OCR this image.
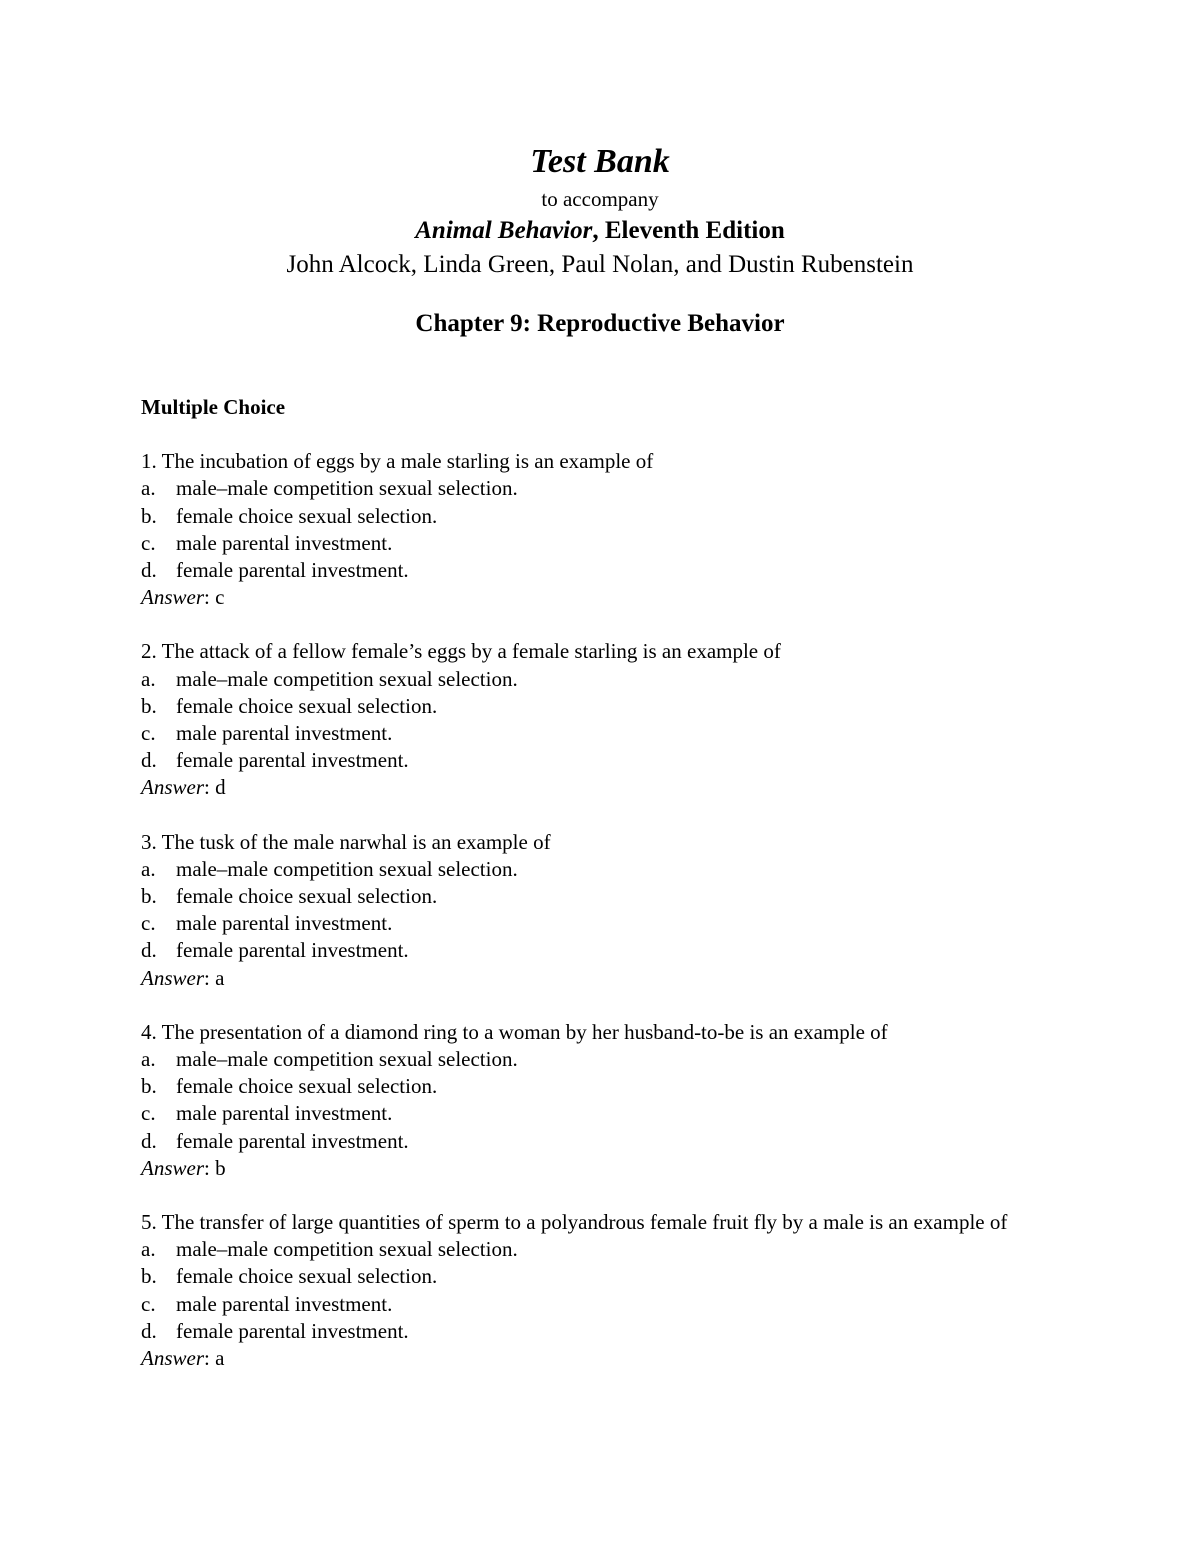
Test Bank
to accompany
Animal Behavior, Eleventh Edition
John Alcock, Linda Green, Paul Nolan, and Dustin Rubenstein
Chapter 9: Reproductive Behavior
Multiple Choice
1. The incubation of eggs by a male starling is an example of
a. male–male competition sexual selection.
b. female choice sexual selection.
c. male parental investment.
d. female parental investment.
Answer: c
2. The attack of a fellow female’s eggs by a female starling is an example of
a. male–male competition sexual selection.
b. female choice sexual selection.
c. male parental investment.
d. female parental investment.
Answer: d
3. The tusk of the male narwhal is an example of
a. male–male competition sexual selection.
b. female choice sexual selection.
c. male parental investment.
d. female parental investment.
Answer: a
4. The presentation of a diamond ring to a woman by her husband-to-be is an example of
a. male–male competition sexual selection.
b. female choice sexual selection.
c. male parental investment.
d. female parental investment.
Answer: b
5. The transfer of large quantities of sperm to a polyandrous female fruit fly by a male is an example of
a. male–male competition sexual selection.
b. female choice sexual selection.
c. male parental investment.
d. female parental investment.
Answer: a
